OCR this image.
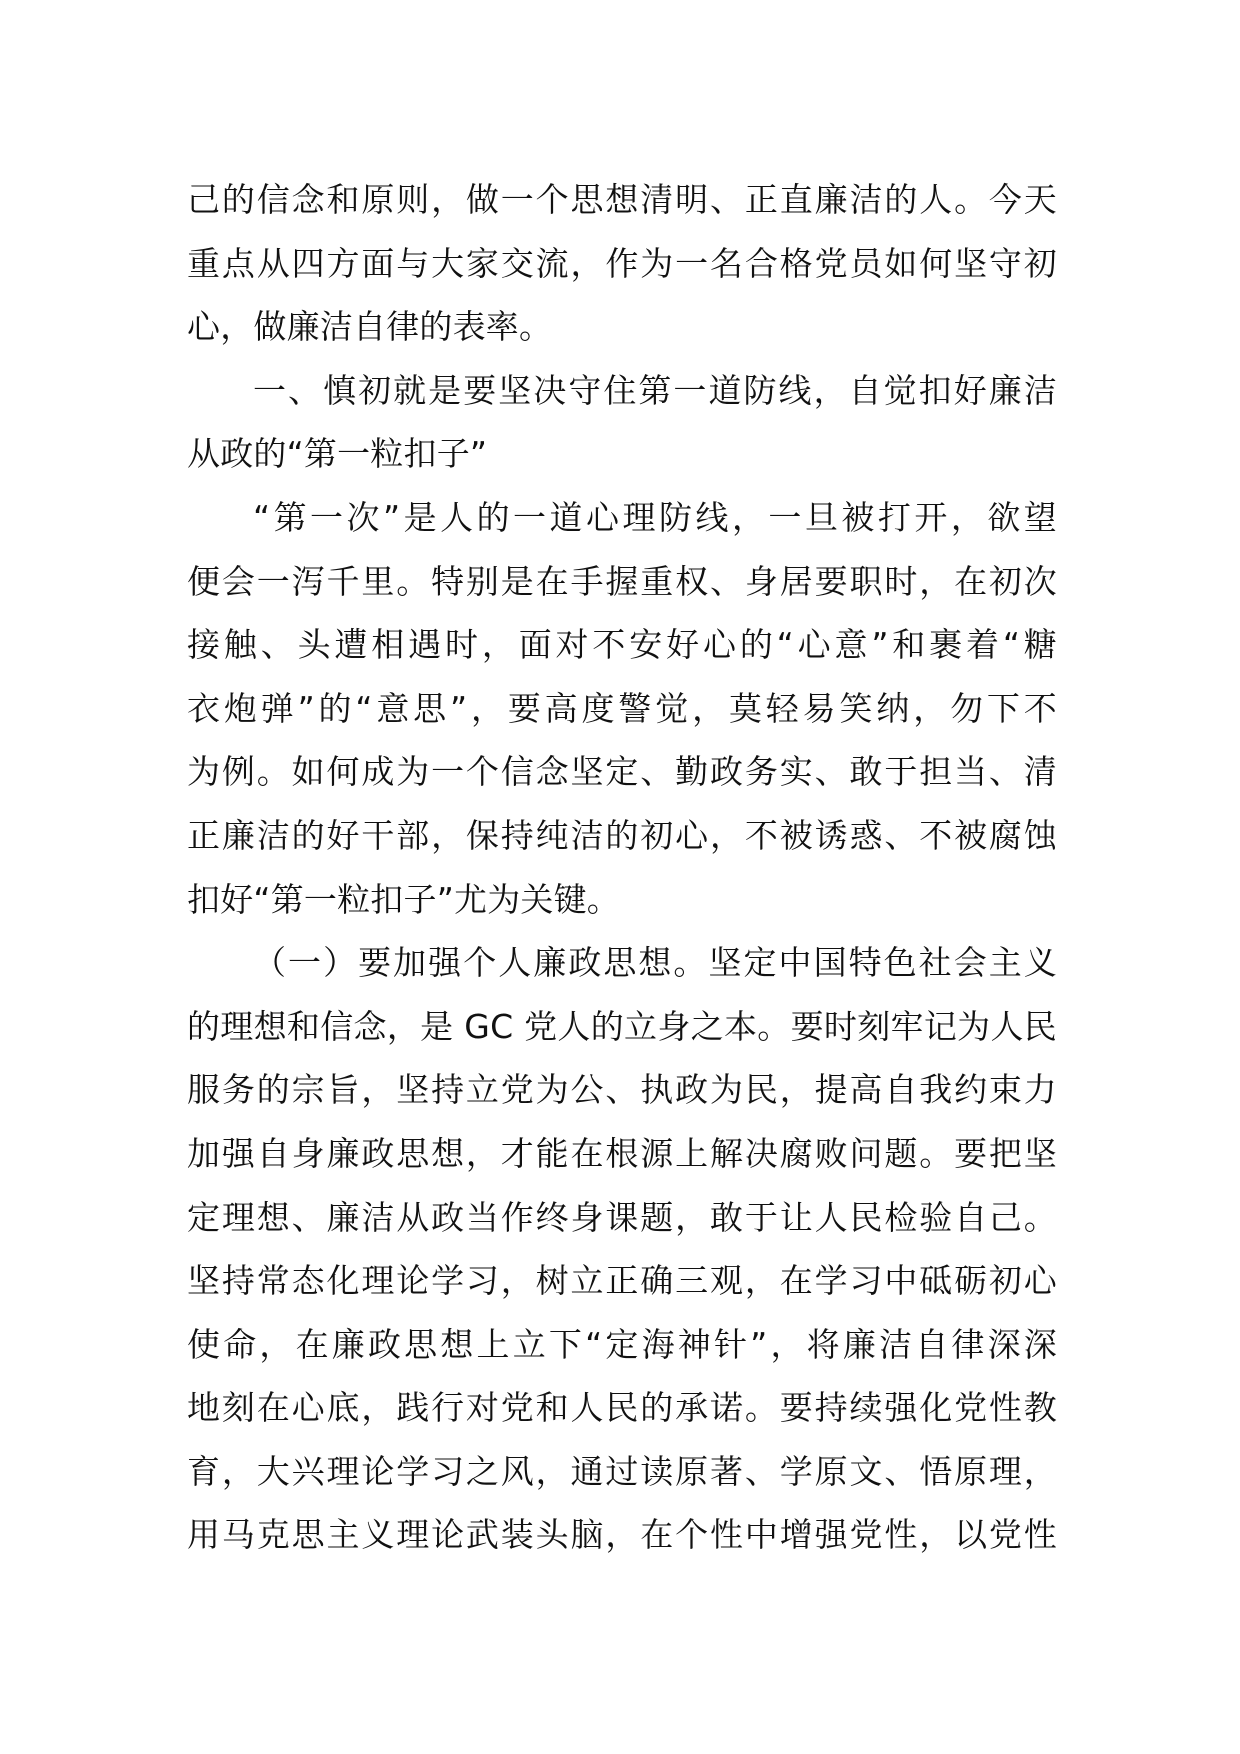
己的信念和原则，做一个思想清明、正直廉洁的人。今天
重点从四方面与大家交流，作为一名合格党员如何坚守初
心，做廉洁自律的表率。
一、慎初就是要坚决守住第一道防线，自觉扣好廉洁
从政的“第一粒扣子”
“第一次”是人的一道心理防线，一旦被打开，欲望
便会一泻千里。特别是在手握重权、身居要职时，在初次
接触、头遭相遇时，面对不安好心的“心意”和裹着“糖
衣炮弹”的“意思”，要高度警觉，莫轻易笑纳，勿下不
为例。如何成为一个信念坚定、勤政务实、敢于担当、清
正廉洁的好干部，保持纯洁的初心，不被诱惑、不被腐蚀
扣好“第一粒扣子”尤为关键。
（一）要加强个人廉政思想。坚定中国特色社会主义
的理想和信念，是 GC 党人的立身之本。要时刻牢记为人民
服务的宗旨，坚持立党为公、执政为民，提高自我约束力
加强自身廉政思想，才能在根源上解决腐败问题。要把坚
定理想、廉洁从政当作终身课题，敢于让人民检验自己。
坚持常态化理论学习，树立正确三观，在学习中砥砺初心
使命，在廉政思想上立下“定海神针”，将廉洁自律深深
地刻在心底，践行对党和人民的承诺。要持续强化党性教
育，大兴理论学习之风，通过读原著、学原文、悟原理，
用马克思主义理论武装头脑，在个性中增强党性，以党性
